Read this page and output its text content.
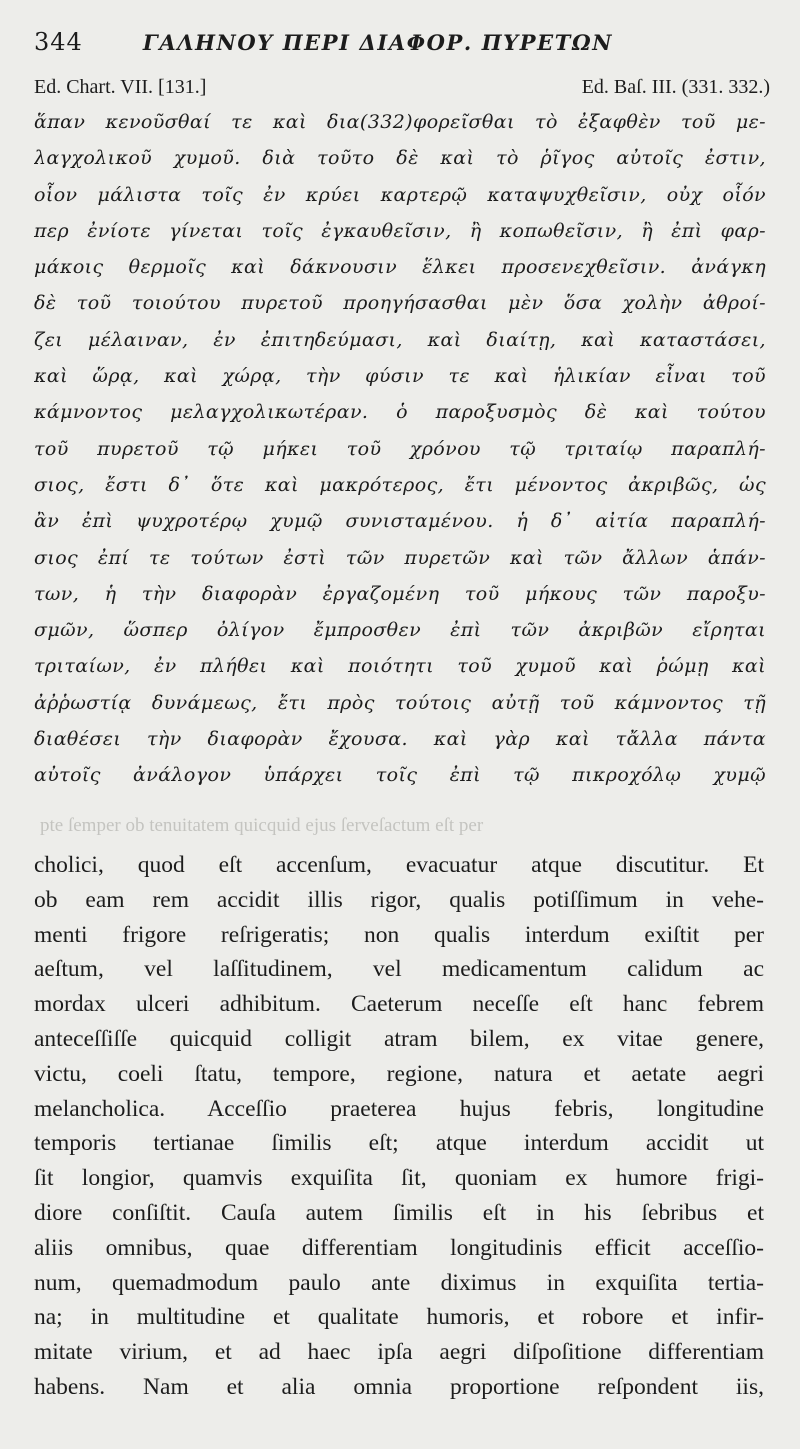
344	ΓΑΛΗΝΟΥ ΠΕΡΙ ΔΙΑΦΟΡ. ΠΥΡΕΤΩΝ
Ed. Chart. VII. [131.]	Ed. Baſ. III. (331. 332.)
ἅπαν κενοῦσθαί τε καὶ δια(332)φορεῖσθαι τὸ ἐξαφθὲν τοῦ με-
λαγχολικοῦ χυμοῦ. διὰ τοῦτο δὲ καὶ τὸ ῥῖγος αὐτοῖς ἐστιν,
οἷον μάλιστα τοῖς ἐν κρύει καρτερῷ καταψυχθεῖσιν, οὐχ οἷόν
περ ἐνίοτε γίνεται τοῖς ἐγκαυθεῖσιν, ἢ κοπωθεῖσιν, ἢ ἐπὶ φαρ-
μάκοις θερμοῖς καὶ δάκνουσιν ἕλκει προσενεχθεῖσιν. ἀνάγκη
δὲ τοῦ τοιούτου πυρετοῦ προηγήσασθαι μὲν ὅσα χολὴν ἀθροί-
ζει μέλαιναν, ἐν ἐπιτηδεύμασι, καὶ διαίτῃ, καὶ καταστάσει,
καὶ ὥρᾳ, καὶ χώρᾳ, τὴν φύσιν τε καὶ ἡλικίαν εἶναι τοῦ
κάμνοντος μελαγχολικωτέραν. ὁ παροξυσμὸς δὲ καὶ τούτου
τοῦ πυρετοῦ τῷ μήκει τοῦ χρόνου τῷ τριταίῳ παραπλή-
σιος, ἔστι δ᾽ ὅτε καὶ μακρότερος, ἔτι μένοντος ἀκριβῶς, ὡς
ἂν ἐπὶ ψυχροτέρῳ χυμῷ συνισταμένου. ἡ δ᾽ αἰτία παραπλή-
σιος ἐπί τε τούτων ἐστὶ τῶν πυρετῶν καὶ τῶν ἄλλων ἁπάν-
των, ἡ τὴν διαφορὰν ἐργαζομένη τοῦ μήκους τῶν παροξυ-
σμῶν, ὥσπερ ὀλίγον ἔμπροσθεν ἐπὶ τῶν ἀκριβῶν εἴρηται
τριταίων, ἐν πλήθει καὶ ποιότητι τοῦ χυμοῦ καὶ ῥώμῃ καὶ
ἀῤῥωστίᾳ δυνάμεως, ἔτι πρὸς τούτοις αὐτῇ τοῦ κάμνοντος τῇ
διαθέσει τὴν διαφορὰν ἔχουσα. καὶ γὰρ καὶ τἄλλα πάντα
αὐτοῖς ἀνάλογον ὑπάρχει τοῖς ἐπὶ τῷ πικροχόλῳ χυμῷ
pte ſemper ob tenuitatem quicquid ejus ſerveſactum eſt per
cholici, quod eſt accenſum, evacuatur atque discutitur. Et
ob eam rem accidit illis rigor, qualis potiſſimum in vehe-
menti frigore reſrigeratis; non qualis interdum exiſtit per
aeſtum, vel laſſitudinem, vel medicamentum calidum ac
mordax ulceri adhibitum. Caeterum neceſſe eſt hanc febrem
anteceſſiſſe quicquid colligit atram bilem, ex vitae genere,
victu, coeli ſtatu, tempore, regione, natura et aetate aegri
melancholica. Acceſſio praeterea hujus febris, longitudine
temporis tertianae ſimilis eſt; atque interdum accidit ut
ſit longior, quamvis exquiſita ſit, quoniam ex humore frigi-
diore conſiſtit. Cauſa autem ſimilis eſt in his ſebribus et
aliis omnibus, quae differentiam longitudinis efficit acceſſio-
num, quemadmodum paulo ante diximus in exquiſita tertia-
na; in multitudine et qualitate humoris, et robore et infir-
mitate virium, et ad haec ipſa aegri diſpoſitione differentiam
habens. Nam et alia omnia proportione reſpondent iis,
